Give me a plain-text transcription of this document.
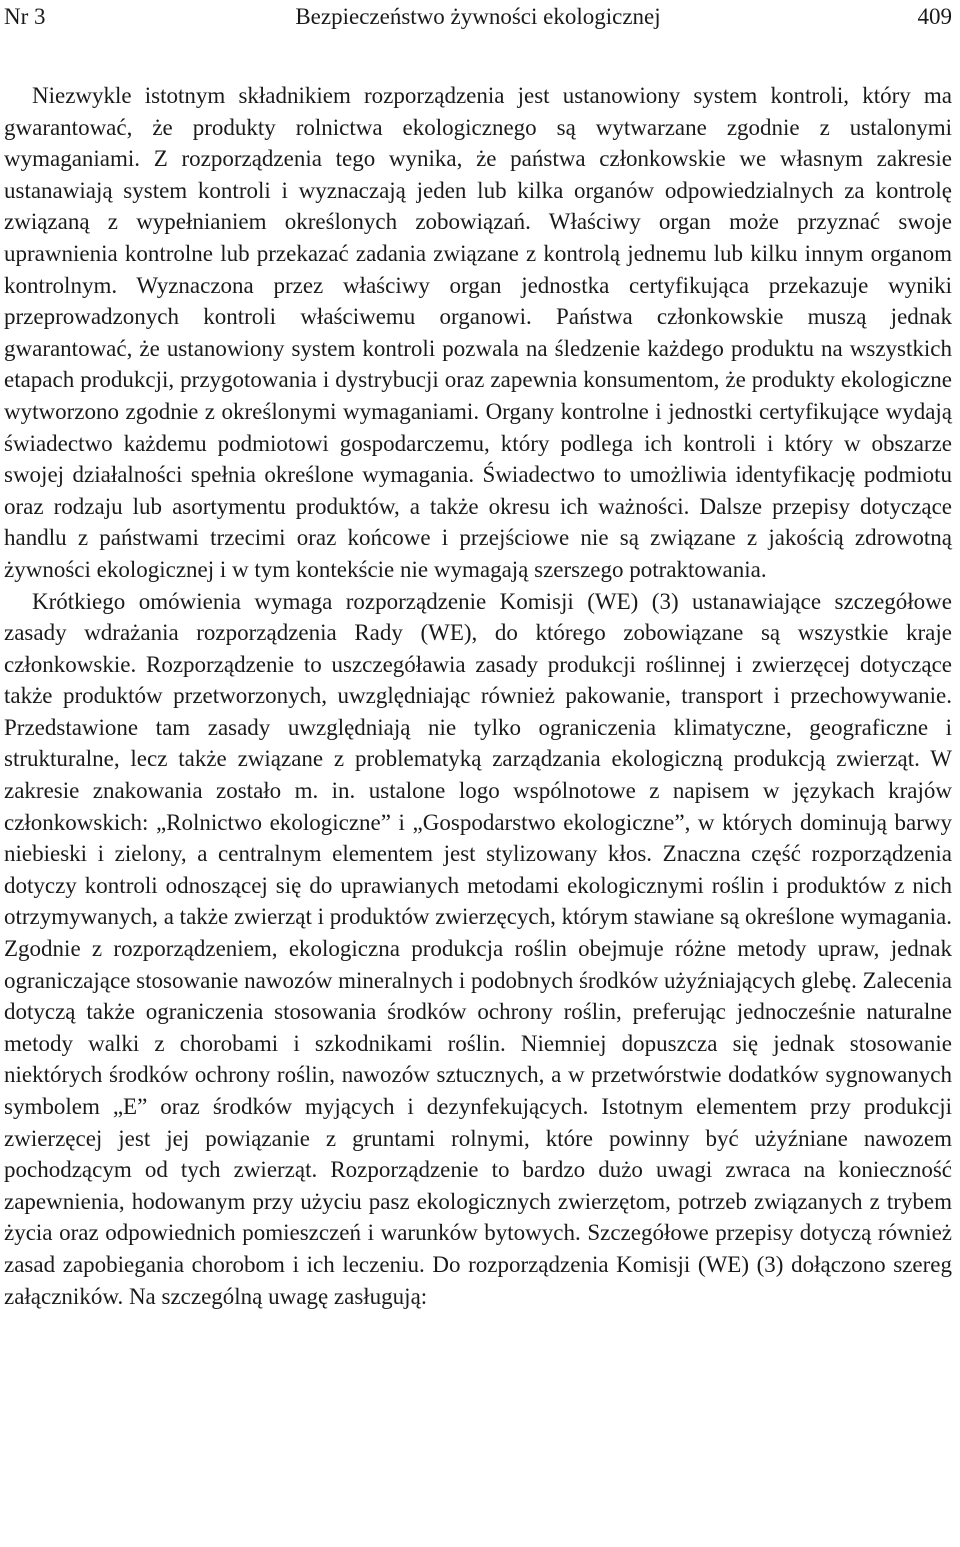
Nr 3	Bezpieczeństwo żywności ekologicznej	409

Niezwykle istotnym składnikiem rozporządzenia jest ustanowiony system kontroli, który ma gwarantować, że produkty rolnictwa ekologicznego są wytwarzane zgodnie z ustalonymi wymaganiami. Z rozporządzenia tego wynika, że państwa członkowskie we własnym zakresie ustanawiają system kontroli i wyznaczają jeden lub kilka organów odpowiedzialnych za kontrolę związaną z wypełnianiem określonych zobowiązań. Właściwy organ może przyznać swoje uprawnienia kontrolne lub przekazać zadania związane z kontrolą jednemu lub kilku innym organom kontrolnym. Wyznaczona przez właściwy organ jednostka certyfikująca przekazuje wyniki przeprowadzonych kontroli właściwemu organowi. Państwa członkowskie muszą jednak gwarantować, że ustanowiony system kontroli pozwala na śledzenie każdego produktu na wszystkich etapach produkcji, przygotowania i dystrybucji oraz zapewnia konsumentom, że produkty ekologiczne wytworzono zgodnie z określonymi wymaganiami. Organy kontrolne i jednostki certyfikujące wydają świadectwo każdemu podmiotowi gospodarczemu, który podlega ich kontroli i który w obszarze swojej działalności spełnia określone wymagania. Świadectwo to umożliwia identyfikację podmiotu oraz rodzaju lub asortymentu produktów, a także okresu ich ważności. Dalsze przepisy dotyczące handlu z państwami trzecimi oraz końcowe i przejściowe nie są związane z jakością zdrowotną żywności ekologicznej i w tym kontekście nie wymagają szerszego potraktowania.

Krótkiego omówienia wymaga rozporządzenie Komisji (WE) (3) ustanawiające szczegółowe zasady wdrażania rozporządzenia Rady (WE), do którego zobowiązane są wszystkie kraje członkowskie. Rozporządzenie to uszczegóławia zasady produkcji roślinnej i zwierzęcej dotyczące także produktów przetworzonych, uwzględniając również pakowanie, transport i przechowywanie. Przedstawione tam zasady uwzględniają nie tylko ograniczenia klimatyczne, geograficzne i strukturalne, lecz także związane z problematyką zarządzania ekologiczną produkcją zwierząt. W zakresie znakowania zostało m. in. ustalone logo wspólnotowe z napisem w językach krajów członkowskich: „Rolnictwo ekologiczne” i „Gospodarstwo ekologiczne”, w których dominują barwy niebieski i zielony, a centralnym elementem jest stylizowany kłos. Znaczna część rozporządzenia dotyczy kontroli odnoszącej się do uprawianych metodami ekologicznymi roślin i produktów z nich otrzymywanych, a także zwierząt i produktów zwierzęcych, którym stawiane są określone wymagania. Zgodnie z rozporządzeniem, ekologiczna produkcja roślin obejmuje różne metody upraw, jednak ograniczające stosowanie nawozów mineralnych i podobnych środków użyźniających glebę. Zalecenia dotyczą także ograniczenia stosowania środków ochrony roślin, preferując jednocześnie naturalne metody walki z chorobami i szkodnikami roślin. Niemniej dopuszcza się jednak stosowanie niektórych środków ochrony roślin, nawozów sztucznych, a w przetwórstwie dodatków sygnowanych symbolem „E” oraz środków myjących i dezynfekujących. Istotnym elementem przy produkcji zwierzęcej jest jej powiązanie z gruntami rolnymi, które powinny być użyźniane nawozem pochodzącym od tych zwierząt. Rozporządzenie to bardzo dużo uwagi zwraca na konieczność zapewnienia, hodowanym przy użyciu pasz ekologicznych zwierzętom, potrzeb związanych z trybem życia oraz odpowiednich pomieszczeń i warunków bytowych. Szczegółowe przepisy dotyczą również zasad zapobiegania chorobom i ich leczeniu. Do rozporządzenia Komisji (WE) (3) dołączono szereg załączników. Na szczególną uwagę zasługują:
